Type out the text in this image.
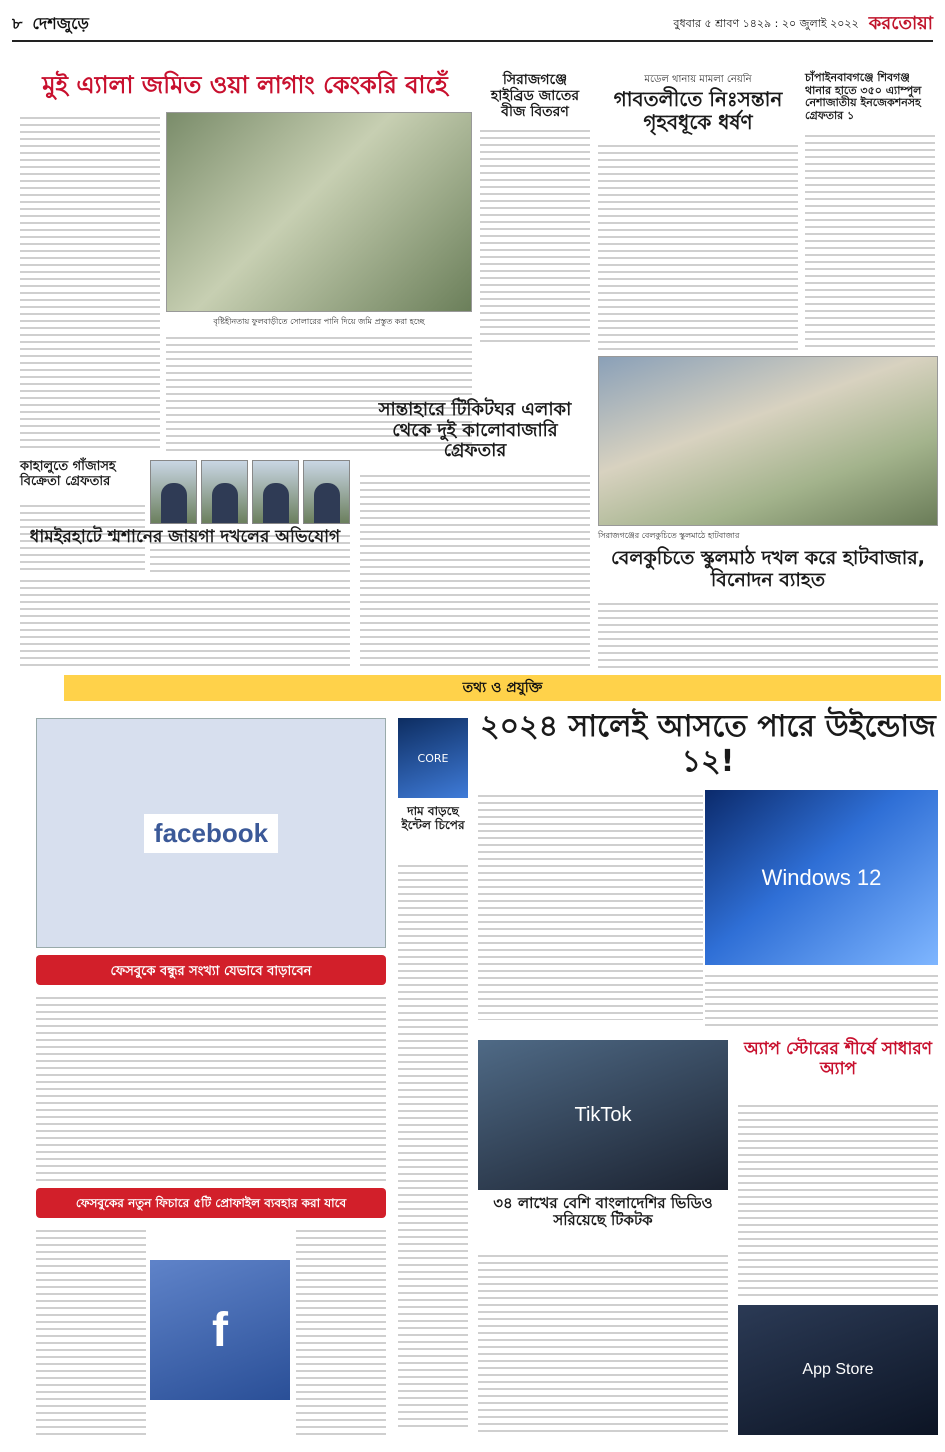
৮ দেশজুড়ে	বুধবার ৫ শ্রাবণ ১৪২৯ : ২০ জুলাই ২০২২ করতোয়া
মুই এ্যালা জমিত ওয়া লাগাং কেংকরি বাহেঁ
বৃষ্টিহীনতায় ফুলবাড়ীতে সোলারের পানি দিয়ে জমি প্রস্তুত করা হচ্ছে
সিরাজগঞ্জে হাইব্রিড জাতের বীজ বিতরণ
মডেল থানায় মামলা নেয়নি
গাবতলীতে নিঃসন্তান গৃহবধূকে ধর্ষণ
চাঁপাইনবাবগঞ্জে শিবগঞ্জ থানার হাতে ৩৫০ এ্যাম্পুল নেশাজাতীয় ইনজেকশনসহ গ্রেফতার ১
কাহালুতে গাঁজাসহ বিক্রেতা গ্রেফতার
সান্তাহারে টিকিটঘর এলাকা থেকে দুই কালোবাজারি গ্রেফতার
সিরাজগঞ্জের বেলকুচিতে স্কুলমাঠে হাটবাজার
ধামইরহাটে শ্মশানের জায়গা দখলের অভিযোগ
বেলকুচিতে স্কুলমাঠ দখল করে হাটবাজার, বিনোদন ব্যাহত
তথ্য ও প্রযুক্তি
facebook
ফেসবুকে বন্ধুর সংখ্যা যেভাবে বাড়াবেন
ফেসবুকের নতুন ফিচারে ৫টি প্রোফাইল ব্যবহার করা যাবে
f
CORE
দাম বাড়ছে ইন্টেল চিপের
২০২৪ সালেই আসতে পারে উইন্ডোজ ১২!
Windows 12
TikTok
৩৪ লাখের বেশি বাংলাদেশির ভিডিও সরিয়েছে টিকটক
অ্যাপ স্টোরের শীর্ষে সাধারণ অ্যাপ
App Store
